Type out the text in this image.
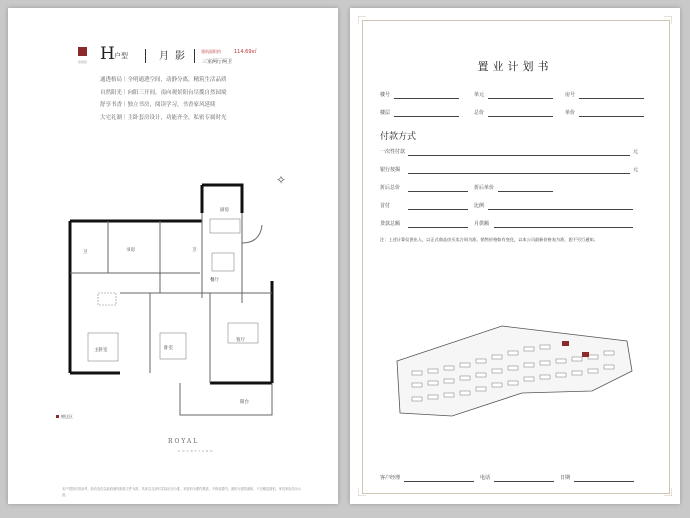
皇悦府 H 户型	月影	建筑面积约	114.69㎡
三室两厅两卫
通透格局｜全明通透空间，动静分离，精筑生活品质
自然阳光｜向阳三开间，南向观景阳台尽揽自然园境
舒享书香｜独立书房，阅读学习，书香家风延续
大宅礼制｜主卧套房设计，功能齐全，私密专属时光
✧
厨房
卫	卫
书房
餐厅
主卧室	卧室
客厅
阳台
赠送区
ROYAL
COURTYARD
本户型图仅供参考，如有变化以政府最终批准文件为准，具体以交房时实际状况为准，本资料为要约邀请，不构成要约。面积为建筑面积，不含赠送面积，家具家电均为示意。
置业计划书
楼号	单元	房号
楼层	总价	单价
付款方式
一次性付款	元
银行按揭	元
折后总价	折后单价
首付	比例
贷款总额	月供额
注：上述计算仅供出入，以正式商品房买卖合同为准。销售价格如有变化，以本公司最新价格表为准，恕不另行通知。
客户经理	电话	日期
